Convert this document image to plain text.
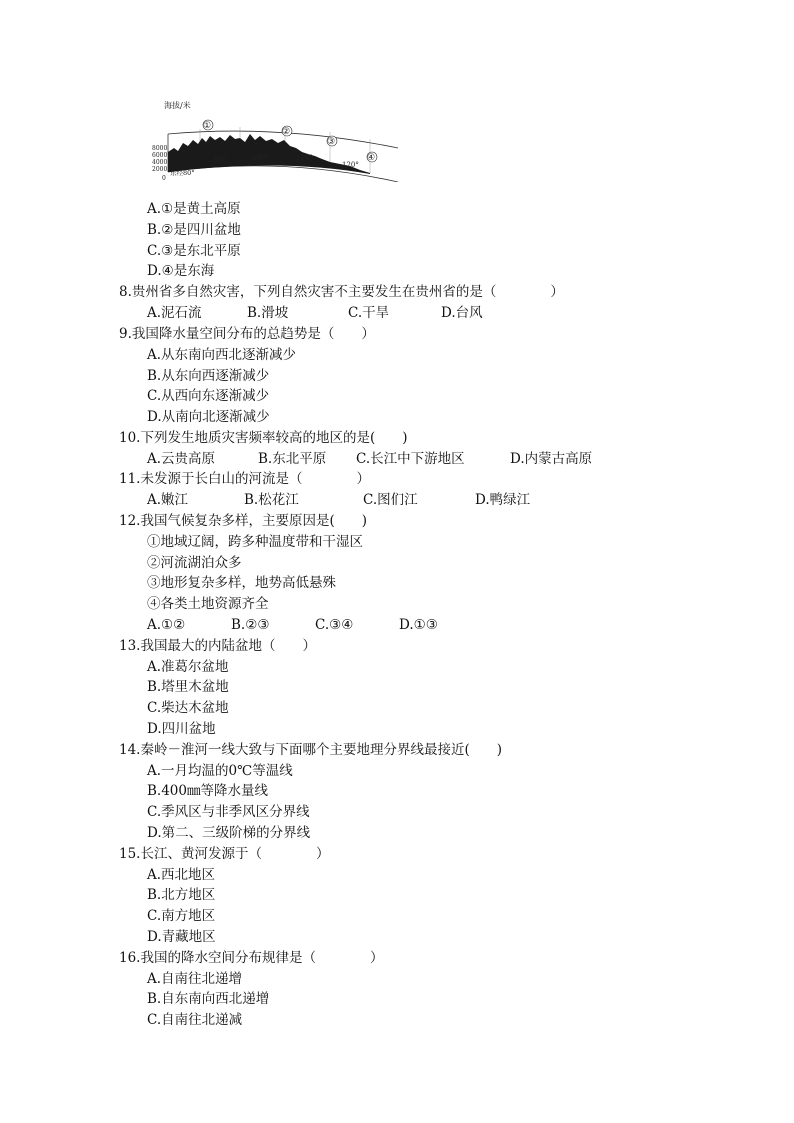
海拔/米
8000
6000
4000
2000
0
①
②
③
④
东经80°
90°	100°	110°
120°
A.①是黄土高原
B.②是四川盆地
C.③是东北平原
D.④是东海
8.贵州省多自然灾害，下列自然灾害不主要发生在贵州省的是（　　　　）

A.泥石流

	B.滑坡

	C.干旱

	D.台风

9.我国降水量空间分布的总趋势是（　　）
A.从东南向西北逐渐减少
B.从东向西逐渐减少
C.从西向东逐渐减少
D.从南向北逐渐减少
10.下列发生地质灾害频率较高的地区的是(　　)

A.云贵高原

	B.东北平原

C.长江中下游地区

	D.内蒙古高原

11.未发源于长白山的河流是（　　　　）

A.嫩江

	B.松花江

	C.图们江

	D.鸭绿江

12.我国气候复杂多样，主要原因是(　　)
①地域辽阔，跨多种温度带和干湿区
②河流湖泊众多
③地形复杂多样，地势高低悬殊
④各类土地资源齐全

A.①②

	B.②③

	C.③④

	D.①③

13.我国最大的内陆盆地（　　）
A.准葛尔盆地
B.塔里木盆地
C.柴达木盆地
D.四川盆地
14.秦岭－淮河一线大致与下面哪个主要地理分界线最接近(　　)
A.一月均温的0℃等温线
B.400㎜等降水量线
C.季风区与非季风区分界线
D.第二、三级阶梯的分界线
15.长江、黄河发源于（　　　　）
A.西北地区
B.北方地区
C.南方地区
D.青藏地区
16.我国的降水空间分布规律是（　　　　）
A.自南往北递增
B.自东南向西北递增
C.自南往北递减
